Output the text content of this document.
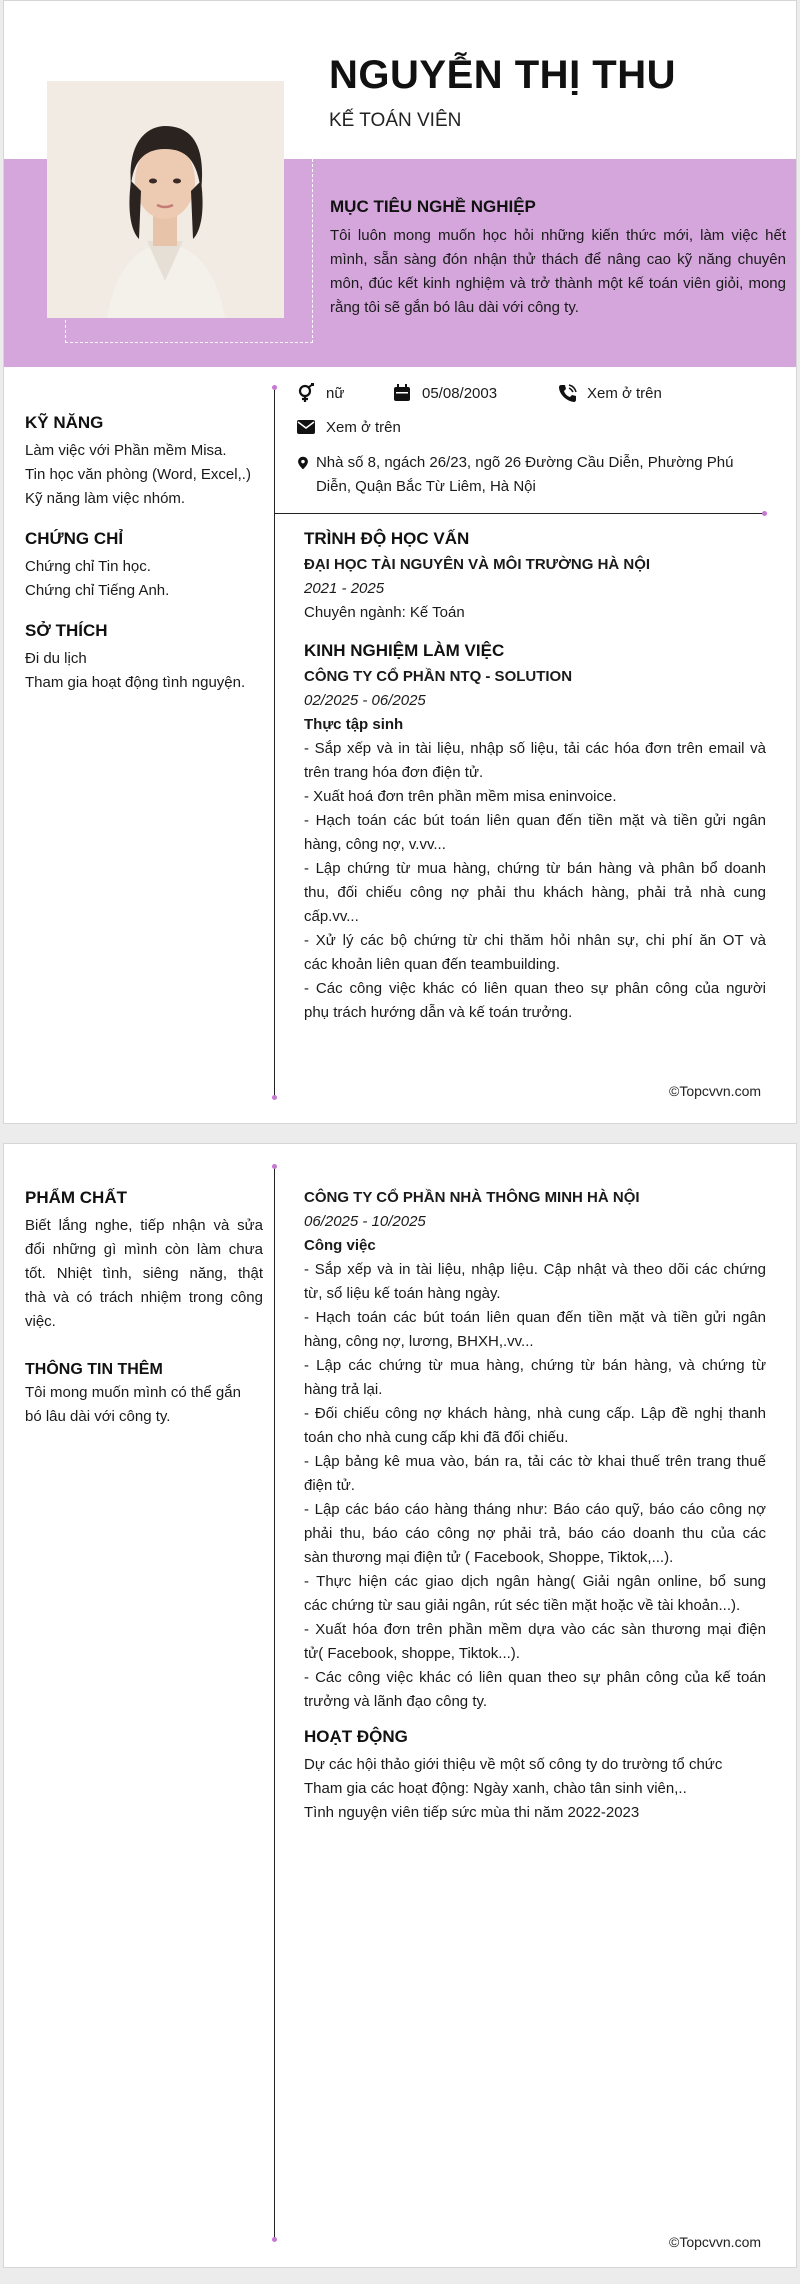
NGUYỄN THỊ THU
KẾ TOÁN VIÊN
MỤC TIÊU NGHỀ NGHIỆP
Tôi luôn mong muốn học hỏi những kiến thức mới, làm việc hết mình, sẵn sàng đón nhận thử thách để nâng cao kỹ năng chuyên môn, đúc kết kinh nghiệm và trở thành một kế toán viên giỏi, mong rằng tôi sẽ gắn bó lâu dài với công ty.
nữ	05/08/2003	Xem ở trên
Xem ở trên
Nhà số 8, ngách 26/23, ngõ 26 Đường Cầu Diễn, Phường Phú Diễn, Quận Bắc Từ Liêm, Hà Nội
KỸ NĂNG
Làm việc với Phần mềm Misa.
Tin học văn phòng (Word, Excel,.)
Kỹ năng làm việc nhóm.
CHỨNG CHỈ
Chứng chỉ Tin học.
Chứng chỉ Tiếng Anh.
SỞ THÍCH
Đi du lịch
Tham gia hoạt động tình nguyện.
TRÌNH ĐỘ HỌC VẤN
ĐẠI HỌC TÀI NGUYÊN VÀ MÔI TRƯỜNG HÀ NỘI
2021 - 2025
Chuyên ngành: Kế Toán
KINH NGHIỆM LÀM VIỆC
CÔNG TY CỔ PHẦN NTQ - SOLUTION
02/2025 - 06/2025
Thực tập sinh
- Sắp xếp và in tài liệu, nhập số liệu, tải các hóa đơn trên email và
trên trang hóa đơn điện tử.
- Xuất hoá đơn trên phần mềm misa eninvoice.
- Hạch toán các bút toán liên quan đến tiền mặt và tiền gửi ngân
hàng, công nợ, v.vv...
- Lập chứng từ mua hàng, chứng từ bán hàng và phân bổ doanh
thu, đối chiếu công nợ phải thu khách hàng, phải trả nhà cung
cấp.vv...
- Xử lý các bộ chứng từ chi thăm hỏi nhân sự, chi phí ăn OT và
các khoản liên quan đến teambuilding.
- Các công việc khác có liên quan theo sự phân công của người
phụ trách hướng dẫn và kế toán trưởng.
©Topcvvn.com
PHẨM CHẤT
Biết lắng nghe, tiếp nhận và sửa
đổi những gì mình còn làm chưa
tốt. Nhiệt tình, siêng năng, thật
thà và có trách nhiệm trong công
việc.
THÔNG TIN THÊM
Tôi mong muốn mình có thể gắn
bó lâu dài với công ty.
CÔNG TY CỔ PHẦN NHÀ THÔNG MINH HÀ NỘI
06/2025 - 10/2025
Công việc
- Sắp xếp và in tài liệu, nhập liệu. Cập nhật và theo dõi các chứng
từ, sổ liệu kế toán hàng ngày.
- Hạch toán các bút toán liên quan đến tiền mặt và tiền gửi ngân
hàng, công nợ, lương, BHXH,.vv...
- Lập các chứng từ mua hàng, chứng từ bán hàng, và chứng từ
hàng trả lại.
- Đối chiếu công nợ khách hàng, nhà cung cấp. Lập đề nghị thanh
toán cho nhà cung cấp khi đã đối chiếu.
- Lập bảng kê mua vào, bán ra, tải các tờ khai thuế trên trang thuế
điện tử.
- Lập các báo cáo hàng tháng như: Báo cáo quỹ, báo cáo công nợ
phải thu, báo cáo công nợ phải trả, báo cáo doanh thu của các
sàn thương mại điện tử ( Facebook, Shoppe, Tiktok,...).
- Thực hiện các giao dịch ngân hàng( Giải ngân online, bổ sung
các chứng từ sau giải ngân, rút séc tiền mặt hoặc về tài khoản...).
- Xuất hóa đơn trên phần mềm dựa vào các sàn thương mại điện
tử( Facebook, shoppe, Tiktok...).
- Các công việc khác có liên quan theo sự phân công của kế toán
trưởng và lãnh đạo công ty.
HOẠT ĐỘNG
Dự các hội thảo giới thiệu về một số công ty do trường tổ chức
Tham gia các hoạt động: Ngày xanh, chào tân sinh viên,..
Tình nguyện viên tiếp sức mùa thi năm 2022-2023
©Topcvvn.com
